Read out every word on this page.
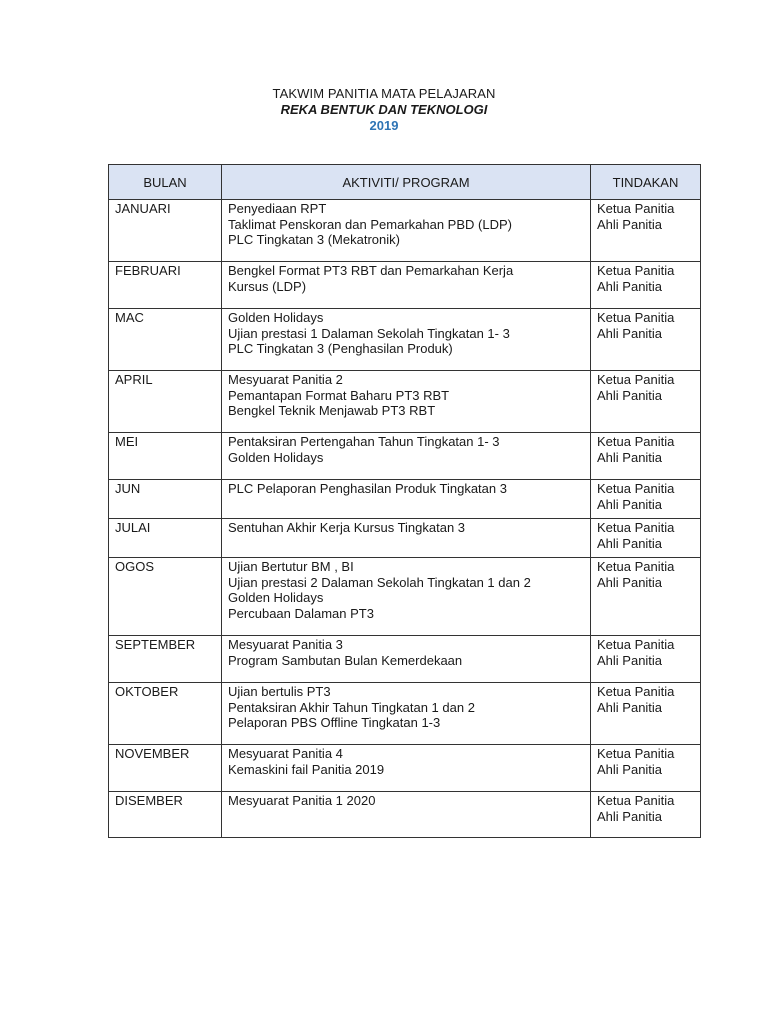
TAKWIM PANITIA MATA PELAJARAN
REKA BENTUK DAN TEKNOLOGI
2019
BULAN	AKTIVITI/ PROGRAM	TINDAKAN
JANUARI	Penyediaan RPT
Taklimat Penskoran dan Pemarkahan PBD (LDP)
PLC Tingkatan 3 (Mekatronik)	Ketua Panitia
Ahli Panitia

FEBRUARI	Bengkel Format PT3 RBT dan Pemarkahan Kerja
Kursus (LDP)	Ketua Panitia
Ahli Panitia

MAC	Golden Holidays
Ujian prestasi 1 Dalaman Sekolah Tingkatan 1- 3
PLC Tingkatan 3 (Penghasilan Produk)	Ketua Panitia
Ahli Panitia

APRIL	Mesyuarat Panitia 2
Pemantapan Format Baharu PT3 RBT
Bengkel Teknik Menjawab PT3 RBT	Ketua Panitia
Ahli Panitia

MEI	Pentaksiran Pertengahan Tahun Tingkatan 1- 3
Golden Holidays	Ketua Panitia
Ahli Panitia

JUN	PLC Pelaporan Penghasilan Produk Tingkatan 3	Ketua Panitia
Ahli Panitia

JULAI	Sentuhan Akhir Kerja Kursus Tingkatan 3	Ketua Panitia
Ahli Panitia

OGOS	Ujian Bertutur BM , BI
Ujian prestasi 2 Dalaman Sekolah Tingkatan 1 dan 2
Golden Holidays
Percubaan Dalaman PT3	Ketua Panitia
Ahli Panitia

SEPTEMBER	Mesyuarat Panitia 3
Program Sambutan Bulan Kemerdekaan	Ketua Panitia
Ahli Panitia

OKTOBER	Ujian bertulis PT3
Pentaksiran Akhir Tahun Tingkatan 1 dan 2
Pelaporan PBS Offline Tingkatan 1-3	Ketua Panitia
Ahli Panitia

NOVEMBER	Mesyuarat Panitia 4
Kemaskini fail Panitia 2019	Ketua Panitia
Ahli Panitia

DISEMBER	Mesyuarat Panitia 1 2020	Ketua Panitia
Ahli Panitia
